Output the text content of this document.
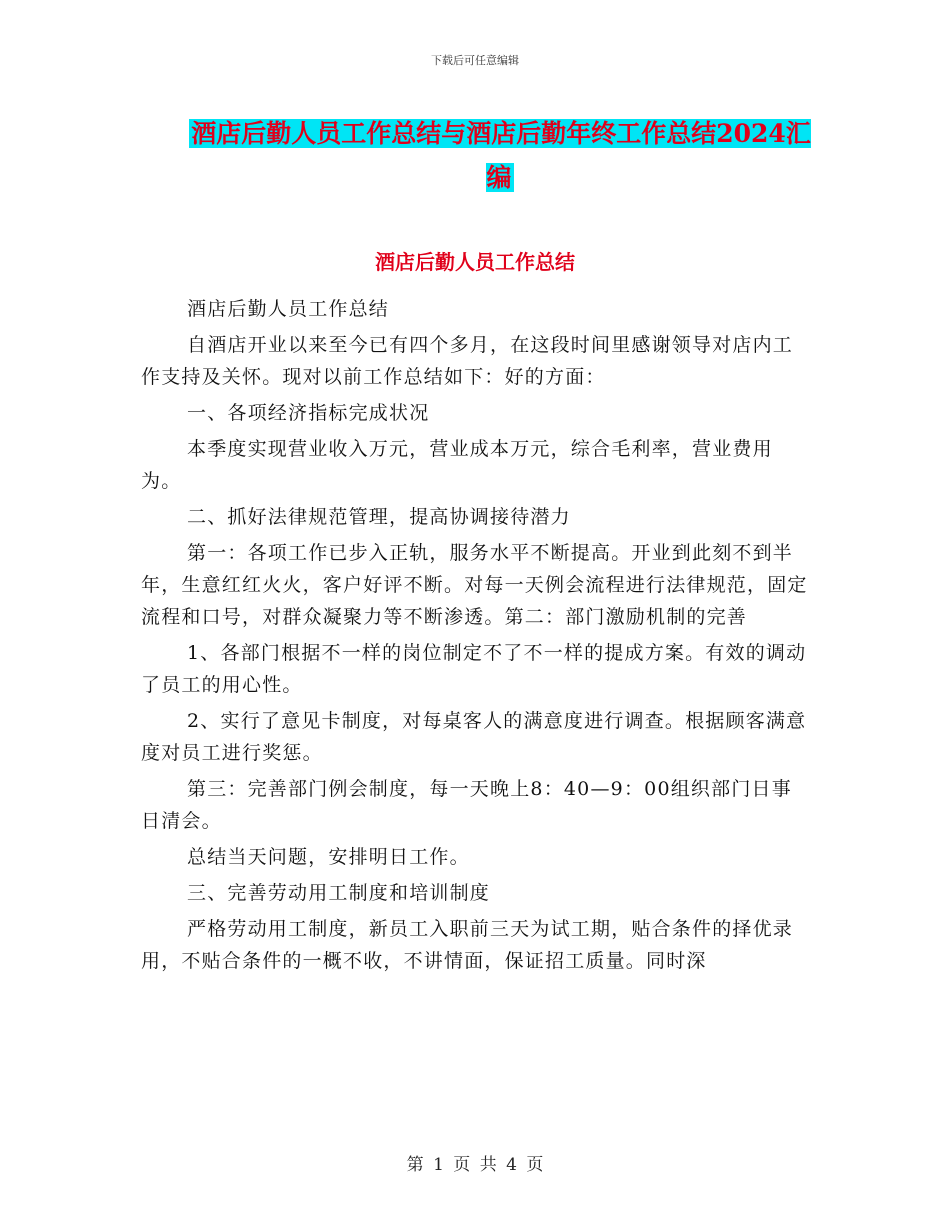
下载后可任意编辑
酒店后勤人员工作总结与酒店后勤年终工作总结2024汇编
酒店后勤人员工作总结

酒店后勤人员工作总结

自酒店开业以来至今已有四个多月，在这段时间里感谢领导对店内工作支持及关怀。现对以前工作总结如下：好的方面：

一、各项经济指标完成状况

本季度实现营业收入万元，营业成本万元，综合毛利率，营业费用为。

二、抓好法律规范管理，提高协调接待潜力

第一：各项工作已步入正轨，服务水平不断提高。开业到此刻不到半年，生意红红火火，客户好评不断。对每一天例会流程进行法律规范，固定流程和口号，对群众凝聚力等不断渗透。第二：部门激励机制的完善

1、各部门根据不一样的岗位制定不了不一样的提成方案。有效的调动了员工的用心性。

2、实行了意见卡制度，对每桌客人的满意度进行调查。根据顾客满意度对员工进行奖惩。

第三：完善部门例会制度，每一天晚上8：40—9：00组织部门日事日清会。

总结当天问题，安排明日工作。

三、完善劳动用工制度和培训制度

严格劳动用工制度，新员工入职前三天为试工期，贴合条件的择优录用，不贴合条件的一概不收，不讲情面，保证招工质量。同时深

第 1 页 共 4 页
